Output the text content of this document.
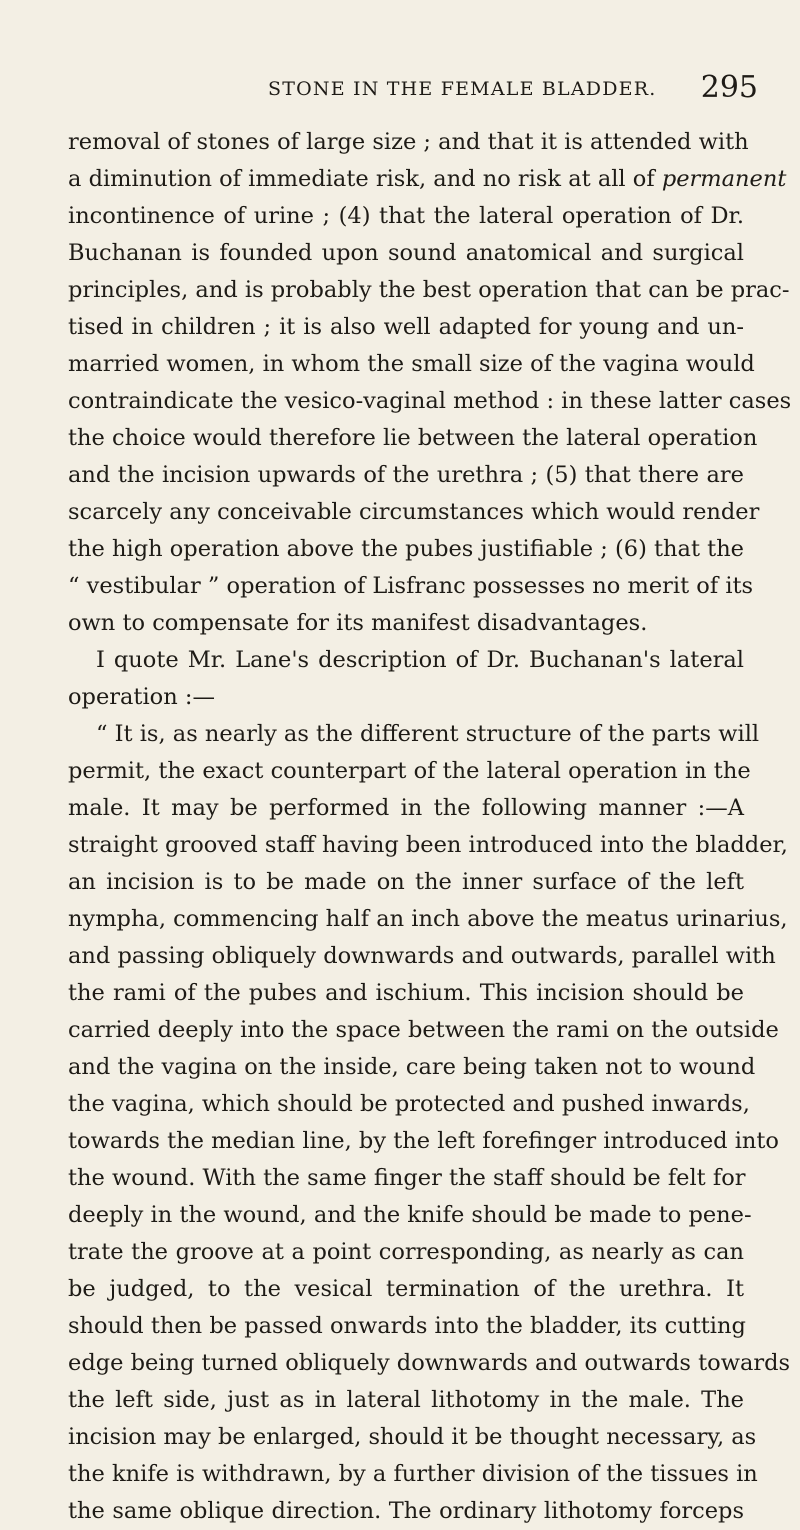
STONE IN THE FEMALE BLADDER. 295
removal of stones of large size ; and that it is attended with
a diminution of immediate risk, and no risk at all of permanent
incontinence of urine ; (4) that the lateral operation of Dr.
Buchanan is founded upon sound anatomical and surgical
principles, and is probably the best operation that can be prac-
tised in children ; it is also well adapted for young and un-
married women, in whom the small size of the vagina would
contraindicate the vesico-vaginal method : in these latter cases
the choice would therefore lie between the lateral operation
and the incision upwards of the urethra ; (5) that there are
scarcely any conceivable circumstances which would render
the high operation above the pubes justifiable ; (6) that the
“ vestibular ” operation of Lisfranc possesses no merit of its
own to compensate for its manifest disadvantages.
I quote Mr. Lane's description of Dr. Buchanan's lateral
operation :—
“ It is, as nearly as the different structure of the parts will
permit, the exact counterpart of the lateral operation in the
male. It may be performed in the following manner :—A
straight grooved staff having been introduced into the bladder,
an incision is to be made on the inner surface of the left
nympha, commencing half an inch above the meatus urinarius,
and passing obliquely downwards and outwards, parallel with
the rami of the pubes and ischium. This incision should be
carried deeply into the space between the rami on the outside
and the vagina on the inside, care being taken not to wound
the vagina, which should be protected and pushed inwards,
towards the median line, by the left forefinger introduced into
the wound. With the same finger the staff should be felt for
deeply in the wound, and the knife should be made to pene-
trate the groove at a point corresponding, as nearly as can
be judged, to the vesical termination of the urethra. It
should then be passed onwards into the bladder, its cutting
edge being turned obliquely downwards and outwards towards
the left side, just as in lateral lithotomy in the male. The
incision may be enlarged, should it be thought necessary, as
the knife is withdrawn, by a further division of the tissues in
the same oblique direction. The ordinary lithotomy forceps
